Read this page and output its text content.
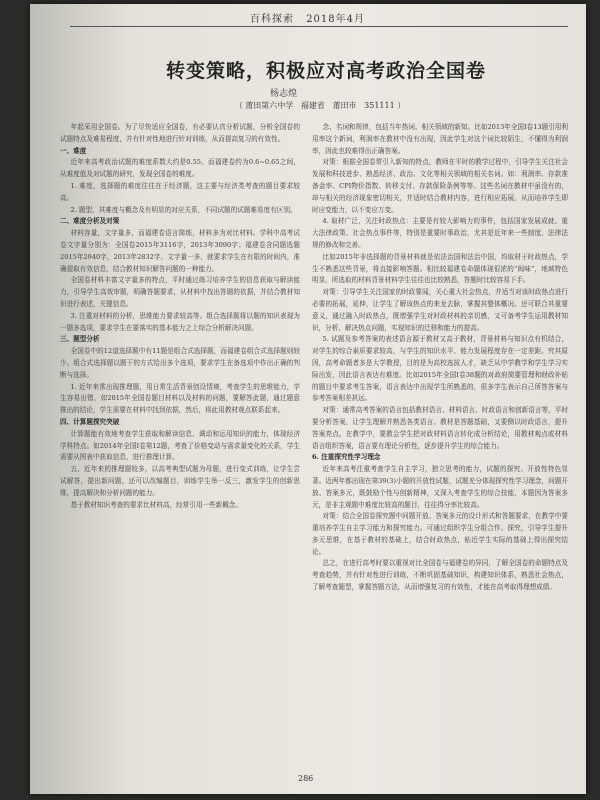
百科探索 2018年4月
转变策略，积极应对高考政治全国卷
杨志煌
（ 莆田第六中学   福建省   莆田市   351111 ）

年起采用全国卷。为了尽快适应全国卷，有必要认真分析试题，分析全国卷的试题特点及难易程度，并有针对性地进行针对训练，从而提高复习的有效性。

一、难度

近年来高考政治试题的难度系数大约是0.55。而福建卷约为0.6~0.65之间，从难度值及对试题的研究，发现全国卷的难度。

1. 难度，选择题的难度往往在于经济题，这主要与经济类考查的题目要求较高。

2. 题型，其难度与概念及有明显的对应关系，不同试题的试题难易度有区别。

二、难度分析及对策

材料容量，文字量多，而福建卷语言简练，材料多为对比材料。学科中高考试卷文字量分别为：全国卷2015年3116字，2013年3090字；福建卷含同题选题2015年2940字，2013年2832字。文字量一多，就要求学生在有限的时间内，准确提取有效信息，结合教材知识解答问题的一种能力。

全国卷材料丰富文字量多的特点，平时通过练习培养学生的信息获取与解读能力，引导学生高效审题，明确答题要求，从材料中找出答题的依据，并结合教材知识进行表述，关键信息。

3. 注重对材料的分析，思维能力要求较高等。组合选择题将以题的知识表现为一题多选项，要求学生在要落实的基本能力之上综合分析解决问题。

三、题型分析

全国卷中的12道选择题中有11题是组合式选择题，而福建卷组合式选择题则较少。组合式选择题以题干的方式给出多个选项，要求学生在备选项中作出正确的判断与选择。

1. 近年来常出现推理题，用日常生活背景创设情境，考查学生的思维能力，学生容易出错，如2015年全国卷题目材料以及材料的问题，要解答此题，通过题意推出的结论，学生需要在材料中找到依据，然后，将此用教材观点联系起来。

四、计算题探究突破

计算题能有效地考查学生获取和解读信息、调动和运用知识的能力，体现经济学科特点。如2014年全国I卷第12题，考查了价格变动与需求量变化的关系，学生需要从图表中获取信息，进行推理计算。

五、近年来的推理题较多，以高考典型试题为母题，进行变式训练，让学生尝试解答，提出新问题，还可以改编题目，训练学生举一反三，激发学生的创新思维，提高解决和分析问题的能力。

基于教材知识考查的要求比材料高，经常引用一些新概念。

念、名词和规律，包括当年热词、相关领域的新知。比如2013年全国I卷13题引用利用率这个新词，利润率在教材中没有出现，因此学生对这个词比较陌生，不懂得为利润率，因此也较难得出正确答案。

对策：根据全国卷常引入新知的特点，教师在平时的教学过程中，引导学生关注社会发展和科技进步、熟悉经济、政治、文化等相关领域的相关名词。如：利润率、存款准备金率、CPI物价指数、转移支付、存款保险条例等等。这些名词在教材中虽没有的，却与相关的经济现象密切相关，并适时结合教材内容，进行相应拓展，从而培养学生即时应变能力，以不变应万变。

4. 取材广泛，关注时政热点：主要是有较大影响力的事件，包括国家发展成就、重大法律政策、社会热点事件等，特别是重要时事政治，尤其是近年来一些制度、法律法规的修改和完善。

比如2015年非选择题的背景材料就是依法治国和法治中国，均取材于时政热点，学生不熟悉这些背景，将直接影响答题。相比较福建卷命题体现很浓的“闽味”，地域特色明显，所选取的材料背景材料学生往往也比较熟悉，答题时比较容易下手。

对策：引导学生关注国家的时政要闻，关心重大社会热点，并适当对该时政热点进行必要的拓展，延伸，让学生了解该热点的来龙去脉，掌握其整体概况。还可联合其重要意义，通过融入时政热点，既增强学生对时政材料的亲切感，又可备考学生运用教材知识，分析、解决热点问题，实现知识的迁移和能力的提高。

5. 试题及参考答案的表述语言源于教材又高于教材，背景材料与知识点有机结合，对学生的综合素质要求较高，与学生的知识水平、能力发展程度存在一定差距。究其原因，高考命题者多是大学教授，目的是为高校选拔人才，缺乏从中学教学和学生学习实际出发，因此语言表达有难度。比如2015年全国I卷38题的对政府简要管理和财政补贴的题目中要求考生答案，语言表达中出现学生所熟悉的，很多学生表示自己所答答案与参考答案相差甚远。

对策：通常高考答案的语言包括教材语言、材料语言、时政语言和创新语言等，平时要分析答案，让学生理解并熟悉各类语言。教材是答题基础，又要侧以时政语言，提升答案亮点。在教学中，要教会学生把对政材料语言转化成分析结论，用教材观点或材料语言组织答案，语言要有理论分析性，逐步提升学生的综合能力。

6. 注重探究性学习理念

近年来高考注重考查学生自主学习，独立思考的能力，试题的探究、开放性特色显著。近两年都出现在第39(3)小题的开放性试题，试题充分体现探究性学习理念，问题开放、答案多元，既鼓励个性与创新精神，又深入考查学生的综合技能，本题因为答案多元，是非主观题中难度比较高的题目，往往得分率比较高。

对策：结合全国卷探究题中问题开放、答案多元的设计形式和答题要求，在教学中要重培养学生自主学习能力和探究能力。可通过组织学生分组合作、探究，引导学生提升多元思维，在基于教材的基础上，结合时政热点，贴近学生实际的基础上得出探究结论。

总之，在进行高考时要以重视对比全国卷与福建卷的异同，了解全国卷的命题特点及考查趋势，并有针对性进行训练，不断巩固基础知识，构建知识体系，熟悉社会热点，了解考查题型，掌握答题方法，从而增强复习的有效性，才能在高考取得理想成绩。

286
